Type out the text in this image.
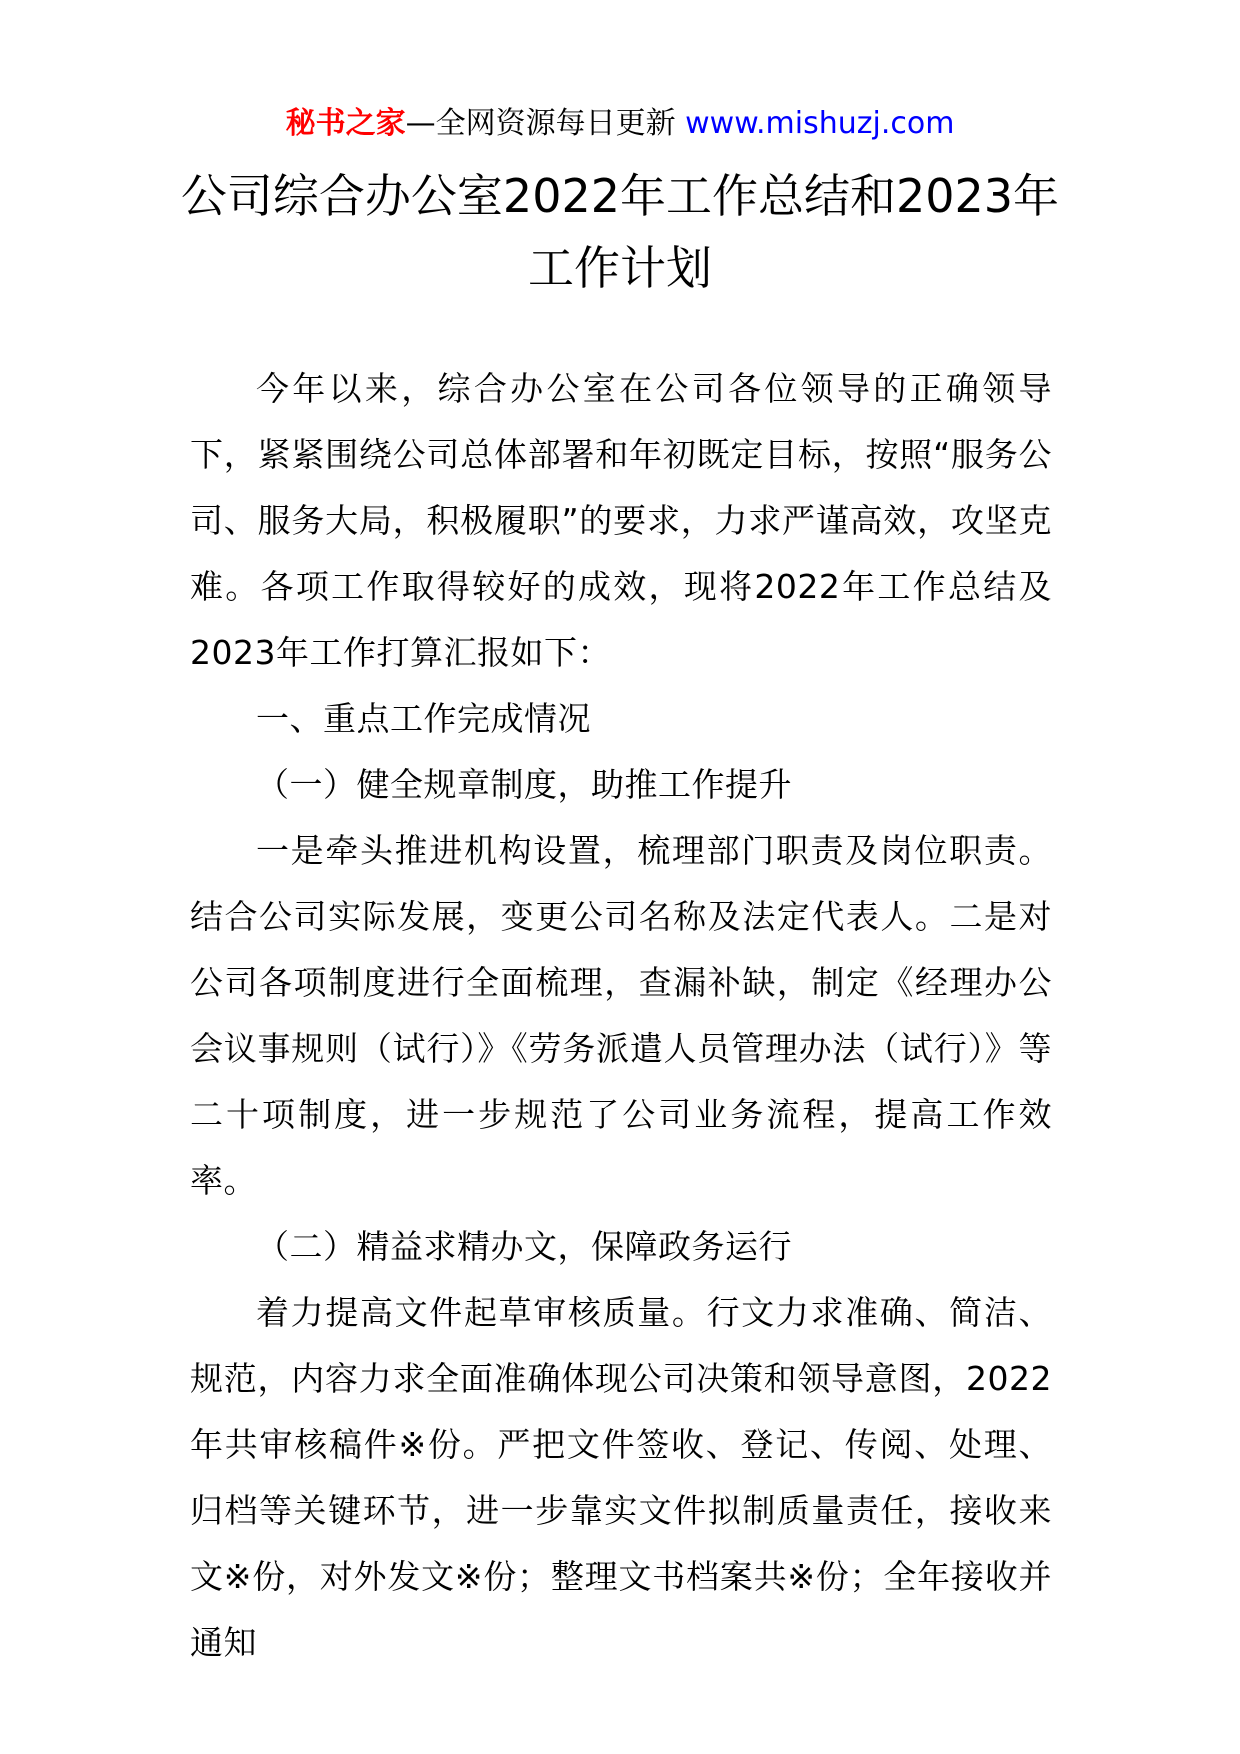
秘书之家—全网资源每日更新 www.mishuzj.com
公司综合办公室2022年工作总结和2023年
工作计划

今年以来，综合办公室在公司各位领导的正确领导下，紧紧围绕公司总体部署和年初既定目标，按照“服务公司、服务大局，积极履职”的要求，力求严谨高效，攻坚克难。各项工作取得较好的成效，现将2022年工作总结及2023年工作打算汇报如下：

一、重点工作完成情况

（一）健全规章制度，助推工作提升

一是牵头推进机构设置，梳理部门职责及岗位职责。结合公司实际发展，变更公司名称及法定代表人。二是对公司各项制度进行全面梳理，查漏补缺，制定《经理办公会议事规则（试行）》《劳务派遣人员管理办法（试行）》等二十项制度，进一步规范了公司业务流程，提高工作效率。

（二）精益求精办文，保障政务运行

着力提高文件起草审核质量。行文力求准确、简洁、规范，内容力求全面准确体现公司决策和领导意图，2022年共审核稿件※份。严把文件签收、登记、传阅、处理、归档等关键环节，进一步靠实文件拟制质量责任，接收来文※份，对外发文※份；整理文书档案共※份；全年接收并通知
